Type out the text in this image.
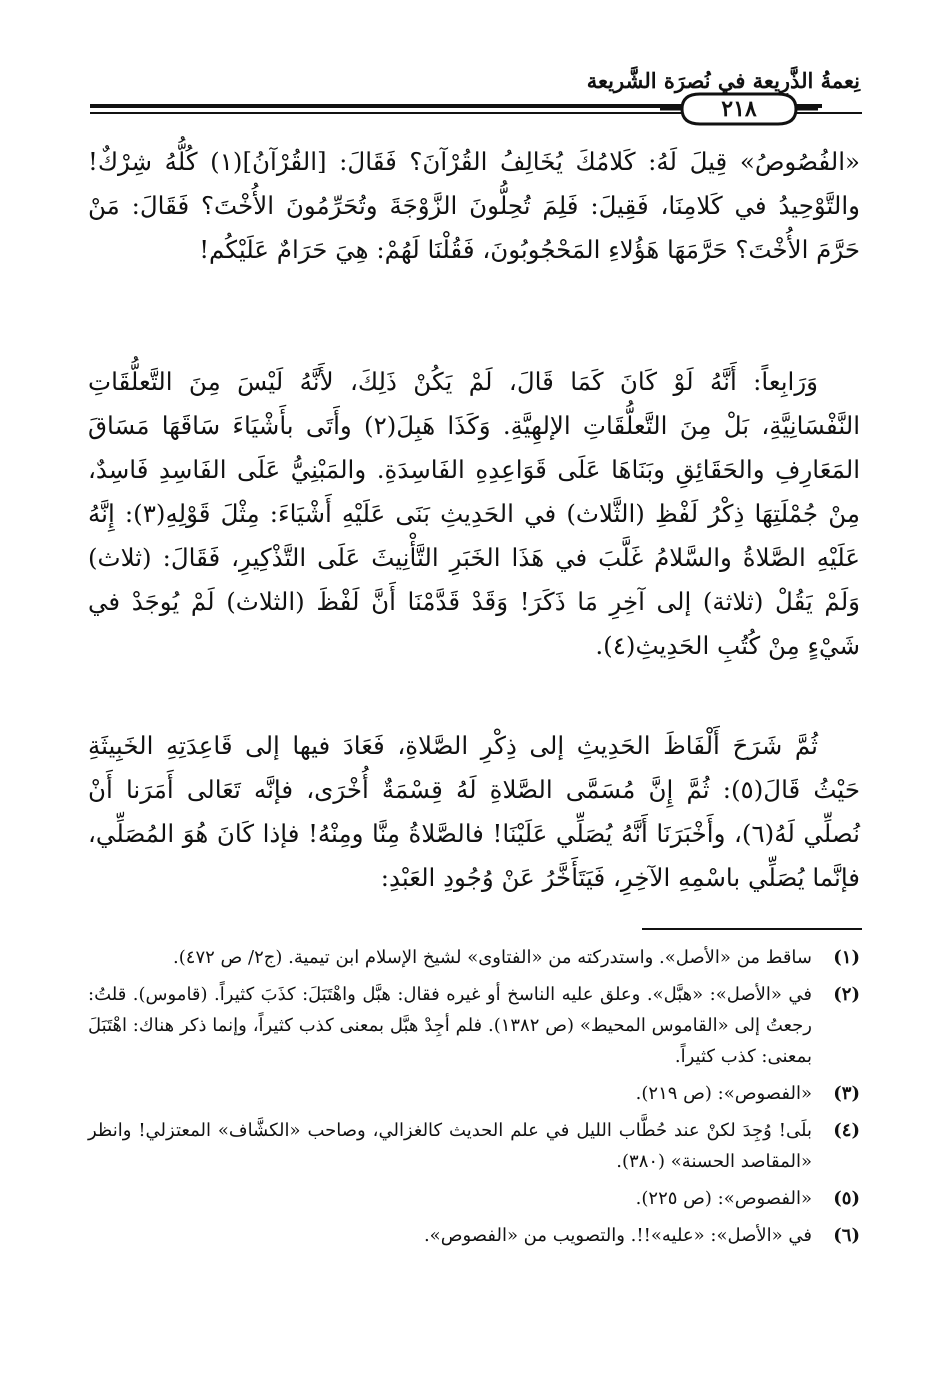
نِعمةُ الذَّرِيعة في نُصرَة الشَّريعة
٢١٨

«الفُصُوصُ» قِيلَ لَهُ: كَلامُكَ يُخَالِفُ القُرْآنَ؟ فَقَالَ: [القُرْآنُ](١) كُلُّهُ شِرْكٌ! والتَّوْحِيدُ في كَلامِنَا، فَقِيلَ: فَلِمَ تُحِلُّونَ الزَّوْجَةَ وتُحَرِّمُونَ الأُخْتَ؟ فَقَالَ: مَنْ حَرَّمَ الأُخْتَ؟ حَرَّمَهَا هَؤُلاءِ المَحْجُوبُونَ، فَقُلْنَا لَهُمْ: هِيَ حَرَامٌ عَلَيْكُم!

وَرَابِعاً: أَنَّهُ لَوْ كَانَ كَمَا قَالَ، لَمْ يَكُنْ ذَلِكَ، لأَنَّهُ لَيْسَ مِنَ التَّعلُّقَاتِ النَّفْسَانِيَّةِ، بَلْ مِنَ التَّعلُّقَاتِ الإلهِيَّةِ. وَكَذَا هَبِلَ(٢) وأَتَى بأَشْيَاءَ سَاقَهَا مَسَاقَ المَعَارِفِ والحَقَائِقِ وبَنَاهَا عَلَى قَوَاعِدِهِ الفَاسِدَةِ. والمَبْنِيُّ عَلَى الفَاسِدِ فَاسِدٌ، مِنْ جُمْلَتِهَا ذِكْرُ لَفْظِ (الثَّلاث) في الحَدِيثِ بَنَى عَلَيْهِ أَشْيَاءَ: مِثْلَ قَوْلِهِ(٣): إِنَّهُ عَلَيْهِ الصَّلاةُ والسَّلامُ غَلَّبَ في هَذَا الخَبَرِ التَّأْنِيثَ عَلَى التَّذْكِيرِ، فَقَالَ: (ثلاث) وَلَمْ يَقُلْ (ثلاثة) إلى آخِرِ مَا ذَكَرَ! وَقَدْ قَدَّمْنَا أَنَّ لَفْظَ (الثلاث) لَمْ يُوجَدْ في شَيْءٍ مِنْ كُتُبِ الحَدِيثِ(٤).

ثُمَّ شَرَحَ أَلْفَاظَ الحَدِيثِ إلى ذِكْرِ الصَّلاةِ، فَعَادَ فيها إلى قَاعِدَتِهِ الخَبِيثَةِ حَيْثُ قَالَ(٥): ثُمَّ إِنَّ مُسَمَّى الصَّلاةِ لَهُ قِسْمَةٌ أُخْرَى، فإنَّه تَعَالى أَمَرَنا أَنْ نُصلِّي لَهُ(٦)، وأَخْبَرَنَا أَنَّهُ يُصَلِّي عَلَيْنَا! فالصَّلاةُ مِنَّا ومِنْهُ! فإذا كَانَ هُوَ المُصَلِّي، فإنَّما يُصَلِّي باسْمِهِ الآخِرِ، فَيَتَأَخَّرُ عَنْ وُجُودِ العَبْدِ:

(١)
ساقط من «الأصل». واستدركته من «الفتاوى» لشيخ الإسلام ابن تيمية. (ج٢/ ص ٤٧٢).
(٢)
في «الأصل»: «هبَّل». وعلق عليه الناسخ أو غيره فقال: هبَّل واهْتَبَلَ: كذَبَ كثيراً. (قاموس). قلتُ: رجعتُ إلى «القاموس المحيط» (ص ١٣٨٢). فلم أجِدْ هبَّل بمعنى كذب كثيراً، وإنما ذكر هناك: اهْتَبَلَ بمعنى: كذب كثيراً.
(٣)
«الفصوص»: (ص ٢١٩).
(٤)
بلَى! وُجِدَ لكنْ عند حُطَّاب الليل في علم الحديث كالغزالي، وصاحب «الكشَّاف» المعتزلي! وانظر «المقاصد الحسنة» (٣٨٠).
(٥)
«الفصوص»: (ص ٢٢٥).
(٦)
في «الأصل»: «عليه»!!. والتصويب من «الفصوص».
